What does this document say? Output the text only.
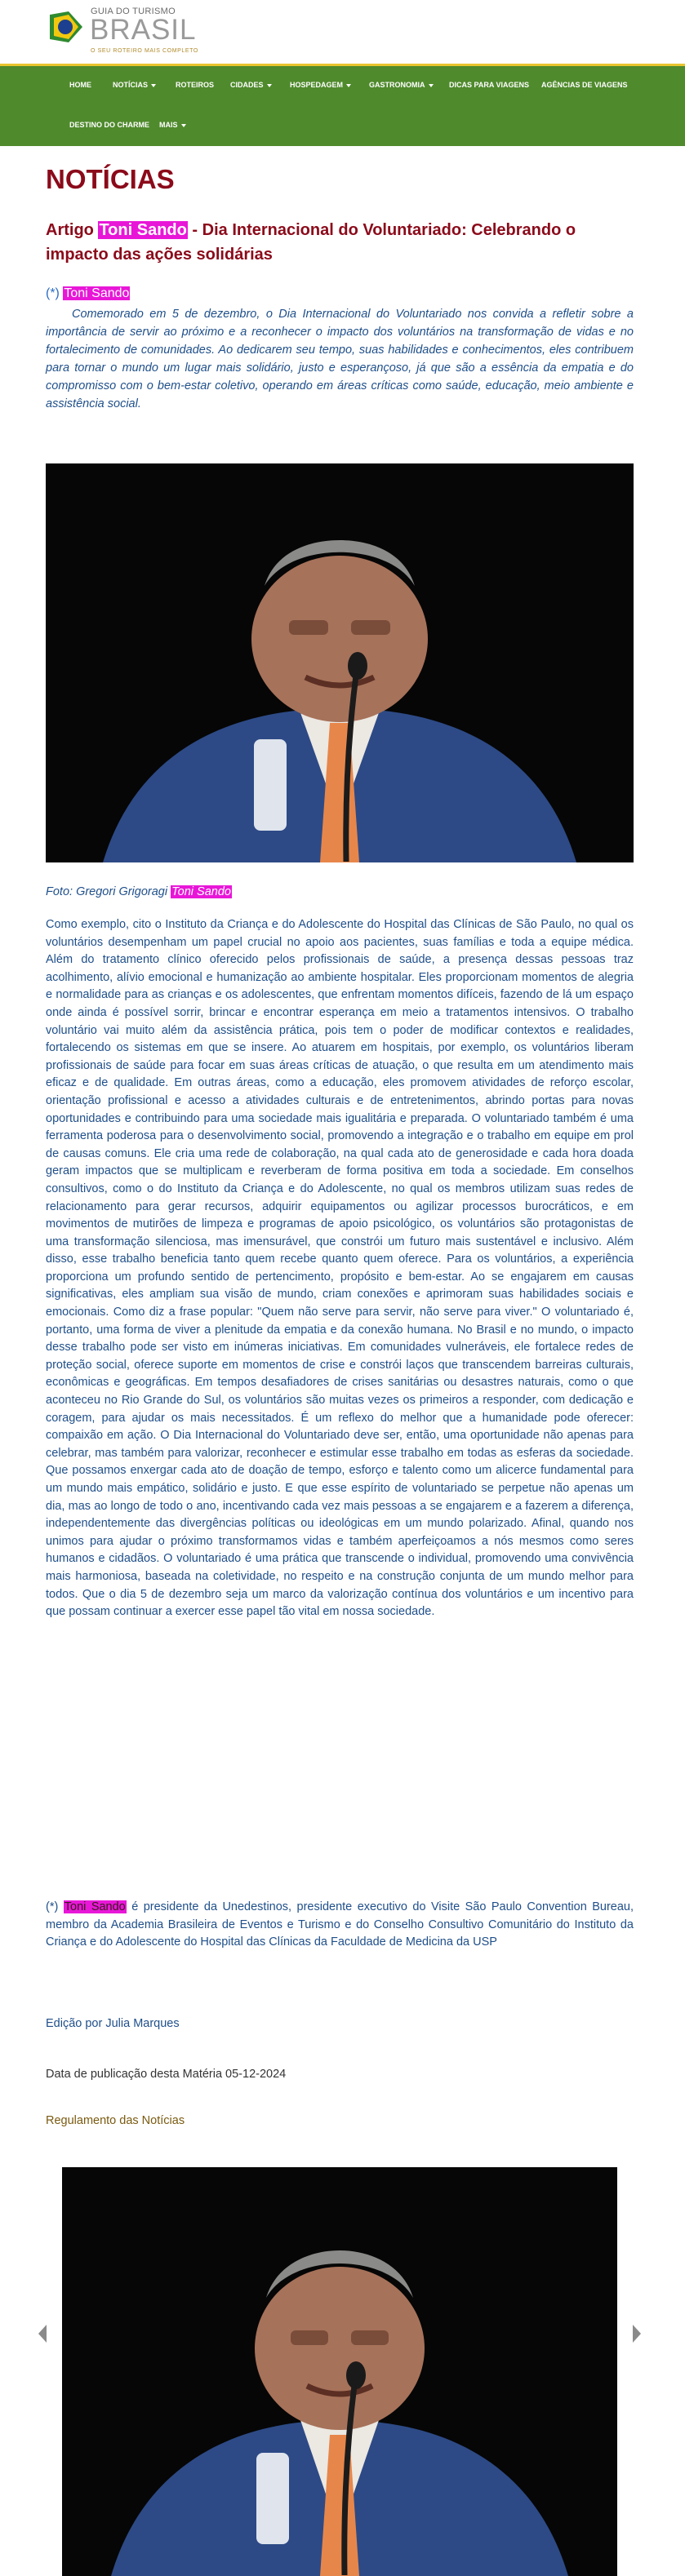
GUIA DO TURISMO
BRASIL
O SEU ROTEIRO MAIS COMPLETO
HOME	NOTÍCIAS	ROTEIROS CIDADES	HOSPEDAGEM	GASTRONOMIA	DICAS PARA VIAGENS AGÊNCIAS DE VIAGENS
DESTINO DO CHARME MAIS
NOTÍCIAS
Artigo Toni Sando - Dia Internacional do Voluntariado: Celebrando o impacto das ações solidárias
(*) Toni Sando

Comemorado em 5 de dezembro, o Dia Internacional do Voluntariado nos convida a refletir sobre a importância de servir ao próximo e a reconhecer o impacto dos voluntários na transformação de vidas e no fortalecimento de comunidades. Ao dedicarem seu tempo, suas habilidades e conhecimentos, eles contribuem para tornar o mundo um lugar mais solidário, justo e esperançoso, já que são a essência da empatia e do compromisso com o bem-estar coletivo, operando em áreas críticas como saúde, educação, meio ambiente e assistência social.

Foto: Gregori Grigoragi Toni Sando

Como exemplo, cito o Instituto da Criança e do Adolescente do Hospital das Clínicas de São Paulo, no qual os voluntários desempenham um papel crucial no apoio aos pacientes, suas famílias e toda a equipe médica. Além do tratamento clínico oferecido pelos profissionais de saúde, a presença dessas pessoas traz acolhimento, alívio emocional e humanização ao ambiente hospitalar. Eles proporcionam momentos de alegria e normalidade para as crianças e os adolescentes, que enfrentam momentos difíceis, fazendo de lá um espaço onde ainda é possível sorrir, brincar e encontrar esperança em meio a tratamentos intensivos. O trabalho voluntário vai muito além da assistência prática, pois tem o poder de modificar contextos e realidades, fortalecendo os sistemas em que se insere. Ao atuarem em hospitais, por exemplo, os voluntários liberam profissionais de saúde para focar em suas áreas críticas de atuação, o que resulta em um atendimento mais eficaz e de qualidade. Em outras áreas, como a educação, eles promovem atividades de reforço escolar, orientação profissional e acesso a atividades culturais e de entretenimentos, abrindo portas para novas oportunidades e contribuindo para uma sociedade mais igualitária e preparada. O voluntariado também é uma ferramenta poderosa para o desenvolvimento social, promovendo a integração e o trabalho em equipe em prol de causas comuns. Ele cria uma rede de colaboração, na qual cada ato de generosidade e cada hora doada geram impactos que se multiplicam e reverberam de forma positiva em toda a sociedade. Em conselhos consultivos, como o do Instituto da Criança e do Adolescente, no qual os membros utilizam suas redes de relacionamento para gerar recursos, adquirir equipamentos ou agilizar processos burocráticos, e em movimentos de mutirões de limpeza e programas de apoio psicológico, os voluntários são protagonistas de uma transformação silenciosa, mas imensurável, que constrói um futuro mais sustentável e inclusivo. Além disso, esse trabalho beneficia tanto quem recebe quanto quem oferece. Para os voluntários, a experiência proporciona um profundo sentido de pertencimento, propósito e bem-estar. Ao se engajarem em causas significativas, eles ampliam sua visão de mundo, criam conexões e aprimoram suas habilidades sociais e emocionais. Como diz a frase popular: "Quem não serve para servir, não serve para viver." O voluntariado é, portanto, uma forma de viver a plenitude da empatia e da conexão humana. No Brasil e no mundo, o impacto desse trabalho pode ser visto em inúmeras iniciativas. Em comunidades vulneráveis, ele fortalece redes de proteção social, oferece suporte em momentos de crise e constrói laços que transcendem barreiras culturais, econômicas e geográficas. Em tempos desafiadores de crises sanitárias ou desastres naturais, como o que aconteceu no Rio Grande do Sul, os voluntários são muitas vezes os primeiros a responder, com dedicação e coragem, para ajudar os mais necessitados. É um reflexo do melhor que a humanidade pode oferecer: compaixão em ação. O Dia Internacional do Voluntariado deve ser, então, uma oportunidade não apenas para celebrar, mas também para valorizar, reconhecer e estimular esse trabalho em todas as esferas da sociedade. Que possamos enxergar cada ato de doação de tempo, esforço e talento como um alicerce fundamental para um mundo mais empático, solidário e justo. E que esse espírito de voluntariado se perpetue não apenas um dia, mas ao longo de todo o ano, incentivando cada vez mais pessoas a se engajarem e a fazerem a diferença, independentemente das divergências políticas ou ideológicas em um mundo polarizado. Afinal, quando nos unimos para ajudar o próximo transformamos vidas e também aperfeiçoamos a nós mesmos como seres humanos e cidadãos. O voluntariado é uma prática que transcende o individual, promovendo uma convivência mais harmoniosa, baseada na coletividade, no respeito e na construção conjunta de um mundo melhor para todos. Que o dia 5 de dezembro seja um marco da valorização contínua dos voluntários e um incentivo para que possam continuar a exercer esse papel tão vital em nossa sociedade.

(*) Toni Sando é presidente da Unedestinos, presidente executivo do Visite São Paulo Convention Bureau, membro da Academia Brasileira de Eventos e Turismo e do Conselho Consultivo Comunitário do Instituto da Criança e do Adolescente do Hospital das Clínicas da Faculdade de Medicina da USP

Edição por Julia Marques
Data de publicação desta Matéria 05-12-2024
Regulamento das Notícias
